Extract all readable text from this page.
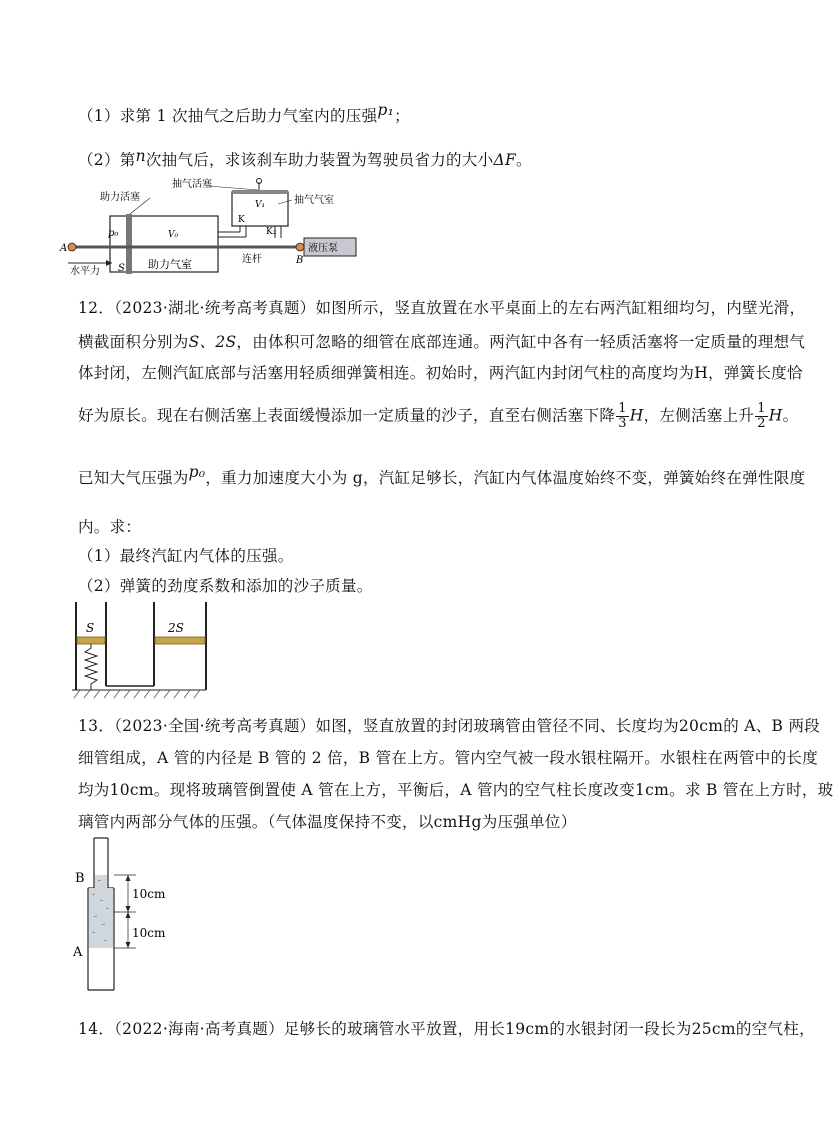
（1）求第 1 次抽气之后助力气室内的压强p₁；
（2）第n次抽气后，求该刹车助力装置为驾驶员省力的大小ΔF。
抽气活塞
助力活塞
V₁	抽气气室
K
K₂
p₀	V₀
A
水平力 S 助力气室	连杆	B
液压泵
12．（2023·湖北·统考高考真题）如图所示，竖直放置在水平桌面上的左右两汽缸粗细均匀，内壁光滑，
横截面积分别为S、2S，由体积可忽略的细管在底部连通。两汽缸中各有一轻质活塞将一定质量的理想气
体封闭，左侧汽缸底部与活塞用轻质细弹簧相连。初始时，两汽缸内封闭气柱的高度均为H，弹簧长度恰
好为原长。现在右侧活塞上表面缓慢添加一定质量的沙子，直至右侧活塞下降 $\frac{1}{3}$ H，左侧活塞上升 $\frac{1}{2}$ H。
已知大气压强为p₀，重力加速度大小为 g，汽缸足够长，汽缸内气体温度始终不变，弹簧始终在弹性限度
内。求：
（1）最终汽缸内气体的压强。
（2）弹簧的劲度系数和添加的沙子质量。
S	2S
13．（2023·全国·统考高考真题）如图，竖直放置的封闭玻璃管由管径不同、长度均为20cm的 A、B 两段
细管组成，A 管的内径是 B 管的 2 倍，B 管在上方。管内空气被一段水银柱隔开。水银柱在两管中的长度
均为10cm。现将玻璃管倒置使 A 管在上方，平衡后，A 管内的空气柱长度改变1cm。求 B 管在上方时，玻
璃管内两部分气体的压强。（气体温度保持不变，以cmHg为压强单位）
B
A
10cm
10cm
14．（2022·海南·高考真题）足够长的玻璃管水平放置，用长19cm的水银封闭一段长为25cm的空气柱，
